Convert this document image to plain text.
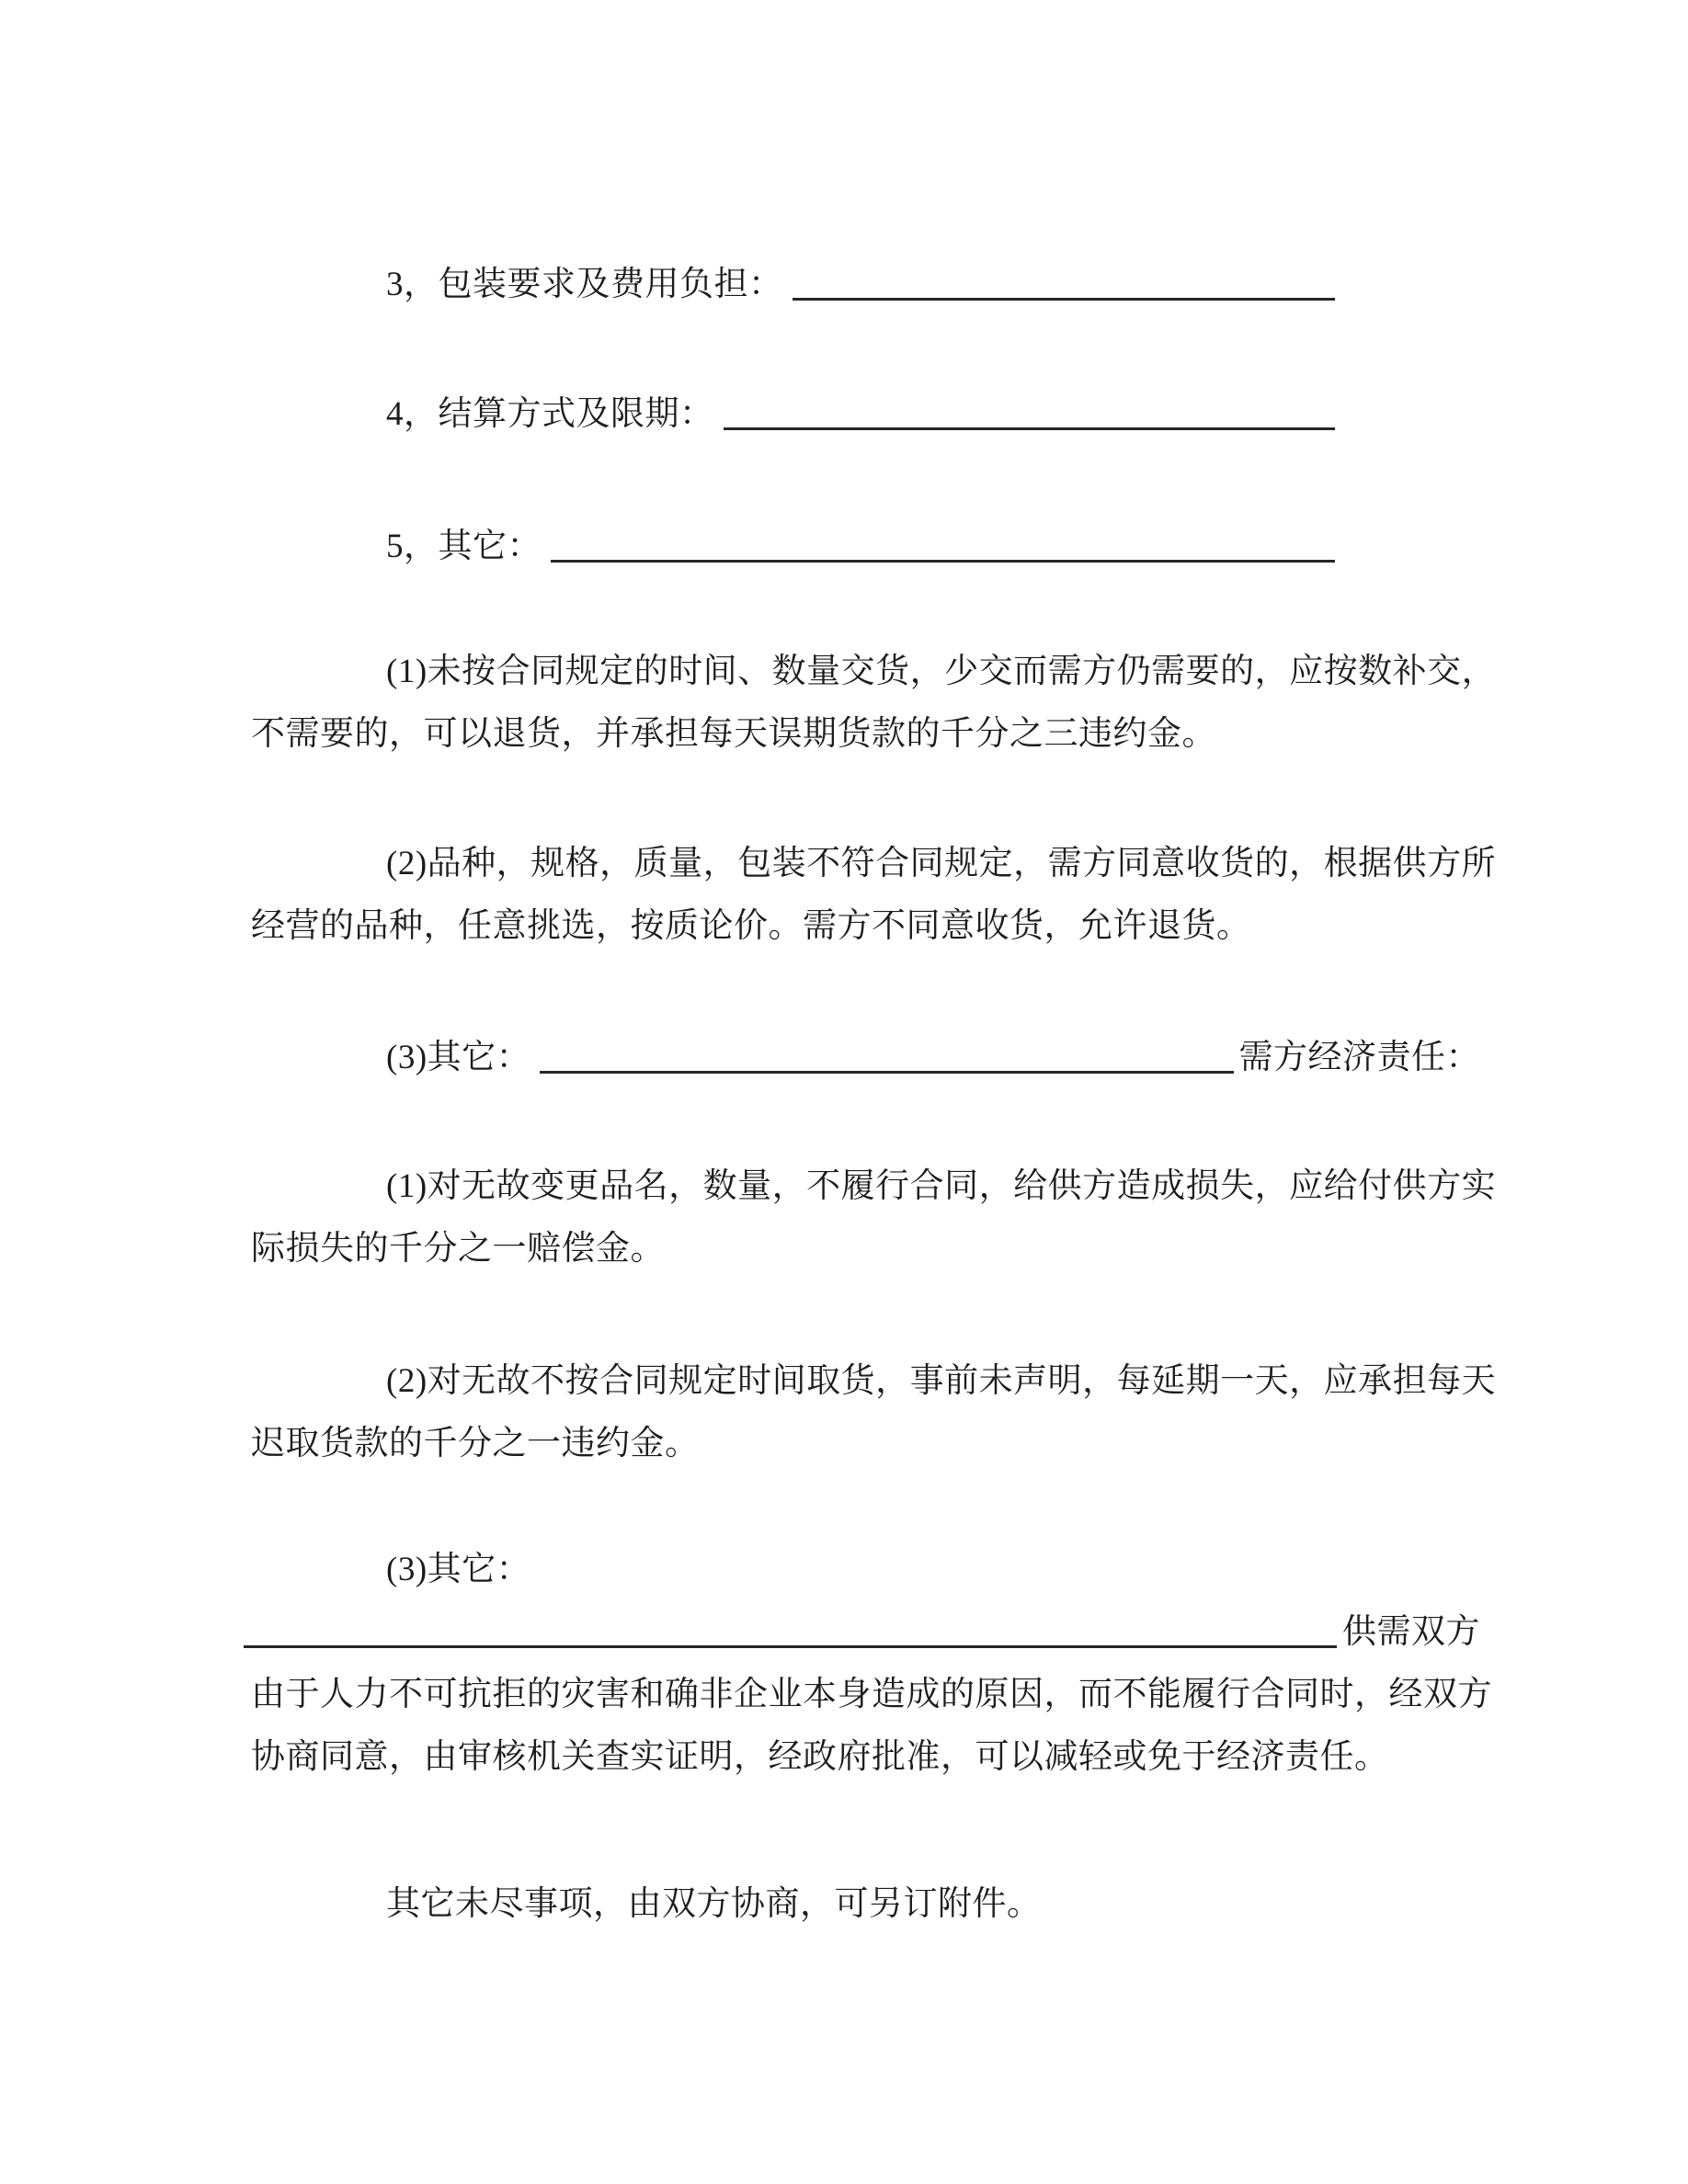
3，包装要求及费用负担：
4，结算方式及限期：
5，其它：
(1)未按合同规定的时间、数量交货，少交而需方仍需要的，应按数补交，
不需要的，可以退货，并承担每天误期货款的千分之三违约金。
(2)品种，规格，质量，包装不符合同规定，需方同意收货的，根据供方所
经营的品种，任意挑选，按质论价。需方不同意收货，允许退货。
(3)其它：	需方经济责任：
(1)对无故变更品名，数量，不履行合同，给供方造成损失，应给付供方实
际损失的千分之一赔偿金。
(2)对无故不按合同规定时间取货，事前未声明，每延期一天，应承担每天
迟取货款的千分之一违约金。
(3)其它：
供需双方
由于人力不可抗拒的灾害和确非企业本身造成的原因，而不能履行合同时，经双方
协商同意，由审核机关查实证明，经政府批准，可以减轻或免于经济责任。
其它未尽事项，由双方协商，可另订附件。
